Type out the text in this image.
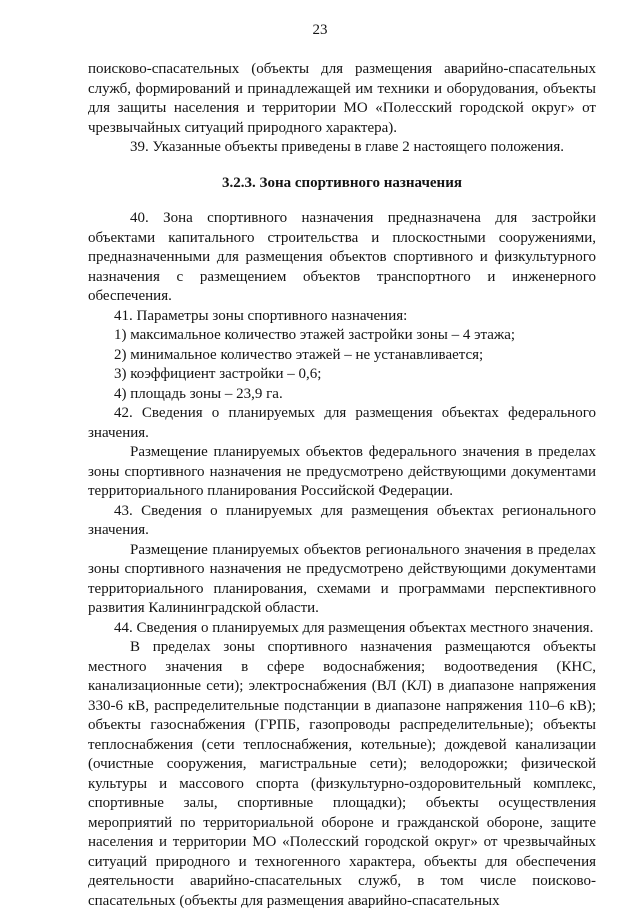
23

поисково-спасательных (объекты для размещения аварийно-спасательных служб, формирований и принадлежащей им техники и оборудования, объекты для защиты населения и территории МО «Полесский городской округ» от чрезвычайных ситуаций природного характера).

39. Указанные объекты приведены в главе 2 настоящего положения.

3.2.3. Зона спортивного назначения

40. Зона спортивного назначения предназначена для застройки объектами капитального строительства и плоскостными сооружениями, предназначенными для размещения объектов спортивного и физкультурного назначения с размещением объектов транспортного и инженерного обеспечения.

41. Параметры зоны спортивного назначения:

1) максимальное количество этажей застройки зоны – 4 этажа;

2) минимальное количество этажей – не устанавливается;

3) коэффициент застройки – 0,6;

4) площадь зоны – 23,9 га.

42. Сведения о планируемых для размещения объектах федерального значения.

Размещение планируемых объектов федерального значения в пределах зоны спортивного назначения не предусмотрено действующими документами территориального планирования Российской Федерации.

43. Сведения о планируемых для размещения объектах регионального значения.

Размещение планируемых объектов регионального значения в пределах зоны спортивного назначения не предусмотрено действующими документами территориального планирования, схемами и программами перспективного развития Калининградской области.

44. Сведения о планируемых для размещения объектах местного значения.

В пределах зоны спортивного назначения размещаются объекты местного значения в сфере водоснабжения; водоотведения (КНС, канализационные сети); электроснабжения (ВЛ (КЛ) в диапазоне напряжения 330-6 кВ, распределительные подстанции в диапазоне напряжения 110–6 кВ); объекты газоснабжения (ГРПБ, газопроводы распределительные); объекты теплоснабжения (сети теплоснабжения, котельные); дождевой канализации (очистные сооружения, магистральные сети); велодорожки; физической культуры и массового спорта (физкультурно-оздоровительный комплекс, спортивные залы, спортивные площадки); объекты осуществления мероприятий по территориальной обороне и гражданской обороне, защите населения и территории МО «Полесский городской округ» от чрезвычайных ситуаций природного и техногенного характера, объекты для обеспечения деятельности аварийно-спасательных служб, в том числе поисково-спасательных (объекты для размещения аварийно-спасательных
